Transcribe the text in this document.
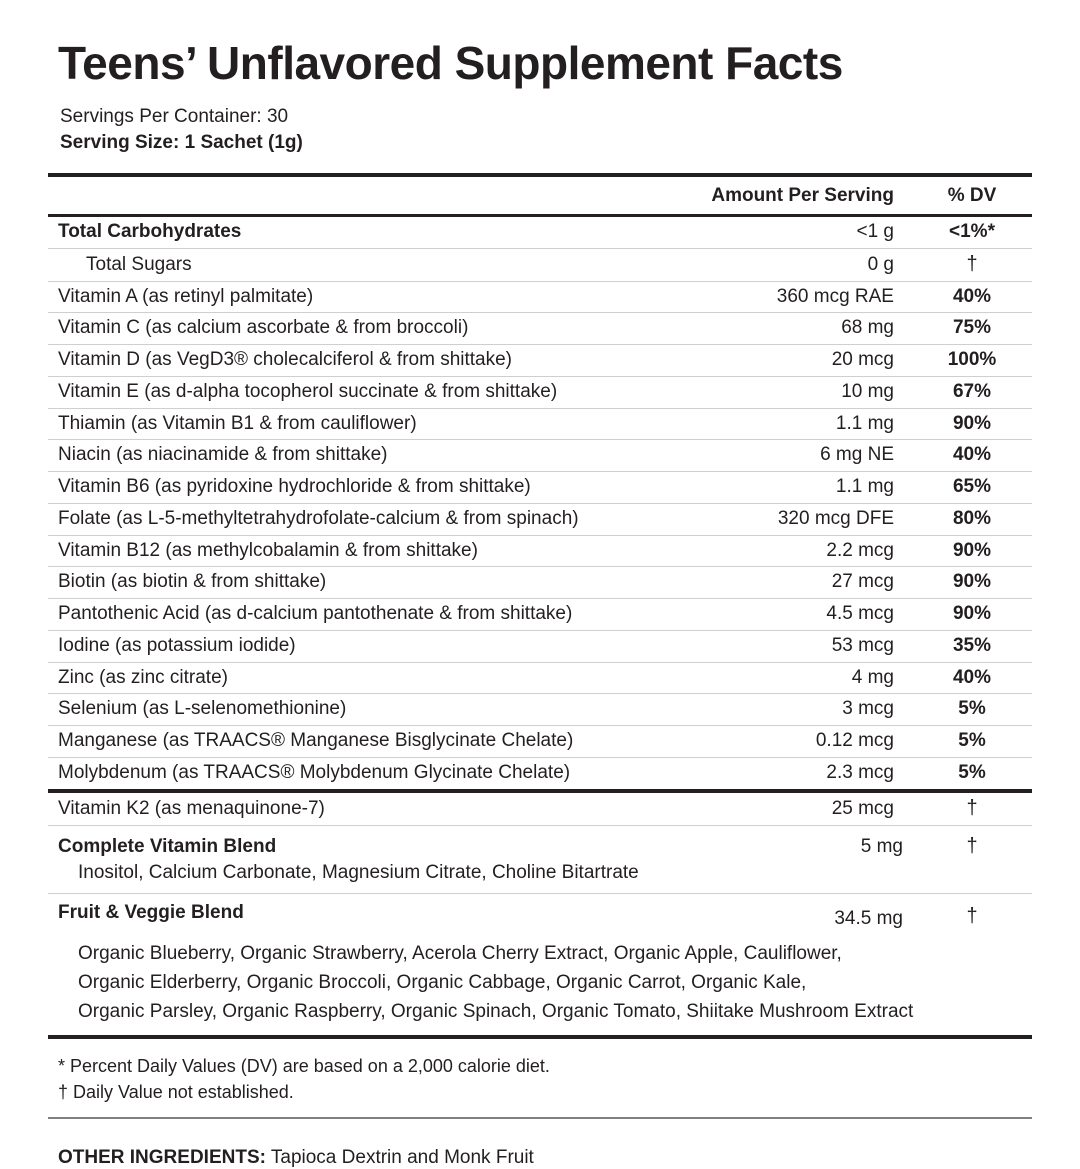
Teens’ Unflavored Supplement Facts
Servings Per Container: 30
Serving Size: 1 Sachet (1g)
Amount Per Serving	% DV
Total Carbohydrates	<1 g	<1%*
Total Sugars	0 g	†
Vitamin A (as retinyl palmitate)	360 mcg RAE	40%
Vitamin C (as calcium ascorbate & from broccoli)	68 mg	75%
Vitamin D (as VegD3® cholecalciferol & from shittake)	20 mcg	100%
Vitamin E (as d-alpha tocopherol succinate & from shittake)	10 mg	67%
Thiamin (as Vitamin B1 & from cauliflower)	1.1 mg	90%
Niacin (as niacinamide & from shittake)	6 mg NE	40%
Vitamin B6 (as pyridoxine hydrochloride & from shittake)	1.1 mg	65%
Folate (as L-5-methyltetrahydrofolate-calcium & from spinach)	320 mcg DFE	80%
Vitamin B12 (as methylcobalamin & from shittake)	2.2 mcg	90%
Biotin (as biotin & from shittake)	27 mcg	90%
Pantothenic Acid (as d-calcium pantothenate & from shittake)	4.5 mcg	90%
Iodine (as potassium iodide)	53 mcg	35%
Zinc (as zinc citrate)	4 mg	40%
Selenium (as L-selenomethionine)	3 mcg	5%
Manganese (as TRAACS® Manganese Bisglycinate Chelate)	0.12 mcg	5%
Molybdenum (as TRAACS® Molybdenum Glycinate Chelate)	2.3 mcg	5%
Vitamin K2 (as menaquinone-7)	25 mcg	†
Complete Vitamin Blend	5 mg	†
Inositol, Calcium Carbonate, Magnesium Citrate, Choline Bitartrate
Fruit & Veggie Blend	34.5 mg	†
Organic Blueberry, Organic Strawberry, Acerola Cherry Extract, Organic Apple, Cauliflower,
Organic Elderberry, Organic Broccoli, Organic Cabbage, Organic Carrot, Organic Kale,
Organic Parsley, Organic Raspberry, Organic Spinach, Organic Tomato, Shiitake Mushroom Extract
* Percent Daily Values (DV) are based on a 2,000 calorie diet.
† Daily Value not established.
OTHER INGREDIENTS: Tapioca Dextrin and Monk Fruit
